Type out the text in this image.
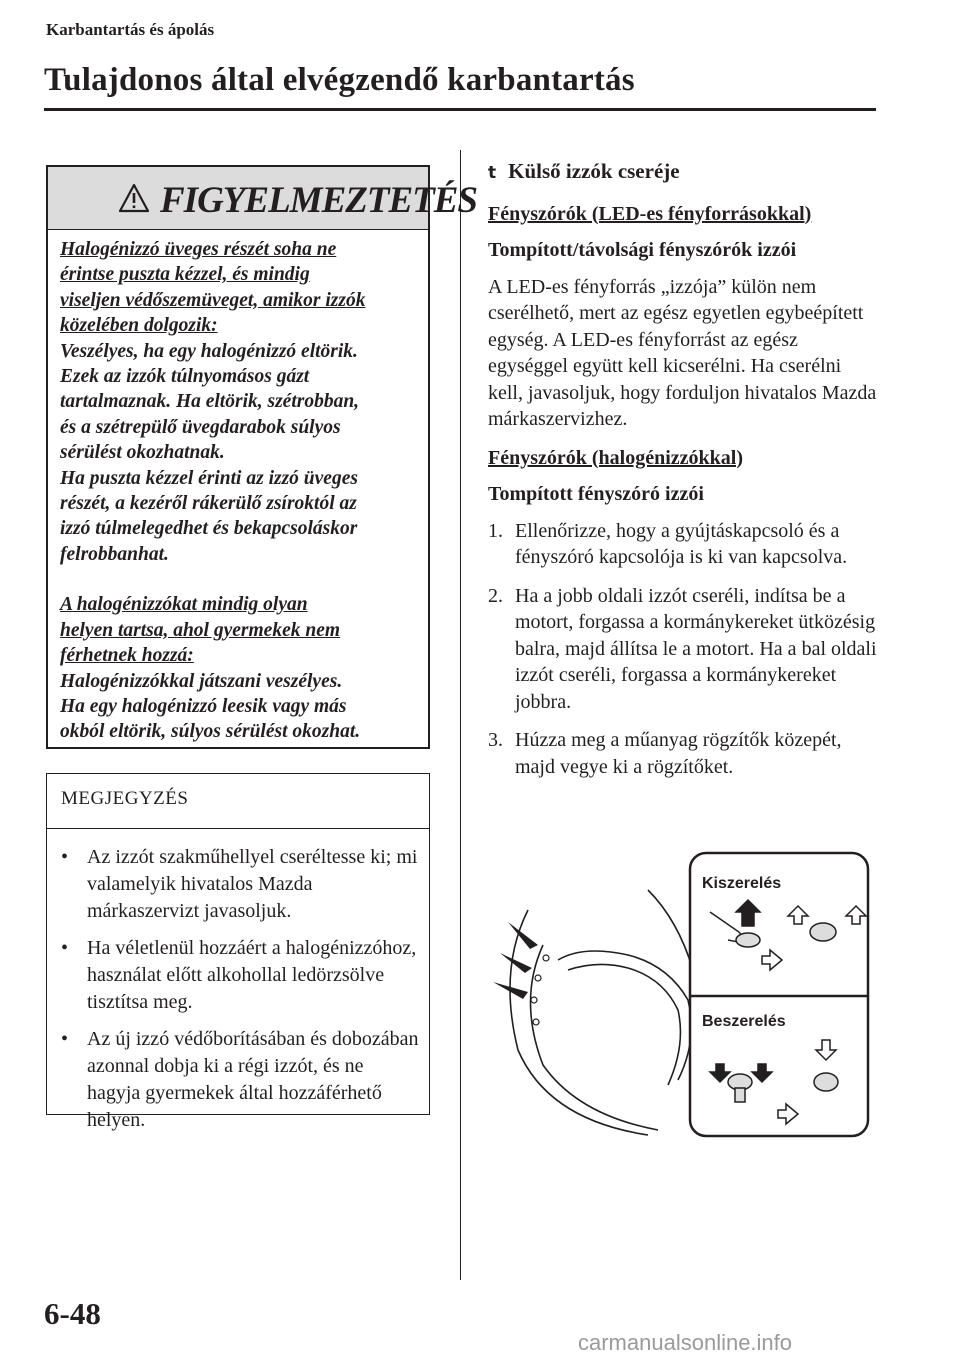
Karbantartás és ápolás
Tulajdonos által elvégzendő karbantartás
FIGYELMEZTETÉS
Halogénizzó üveges részét soha ne
érintse puszta kézzel, és mindig
viseljen védőszemüveget, amikor izzók
közelében dolgozik:
Veszélyes, ha egy halogénizzó eltörik.
Ezek az izzók túlnyomásos gázt
tartalmaznak. Ha eltörik, szétrobban,
és a szétrepülő üvegdarabok súlyos
sérülést okozhatnak.
Ha puszta kézzel érinti az izzó üveges
részét, a kezéről rákerülő zsíroktól az
izzó túlmelegedhet és bekapcsoláskor
felrobbanhat.
A halogénizzókat mindig olyan
helyen tartsa, ahol gyermekek nem
férhetnek hozzá:
Halogénizzókkal játszani veszélyes.
Ha egy halogénizzó leesik vagy más
okból eltörik, súlyos sérülést okozhat.
MEGJEGYZÉS
• Az izzót szakműhellyel cseréltesse ki; mi valamelyik hivatalos Mazda márkaszervizt javasoljuk.
• Ha véletlenül hozzáért a halogénizzóhoz, használat előtt alkohollal ledörzsölve tisztítsa meg.
• Az új izzó védőborításában és dobozában azonnal dobja ki a régi izzót, és ne hagyja gyermekek által hozzáférhető helyen.
t Külső izzók cseréje
Fényszórók (LED-es fényforrásokkal)
Tompított/távolsági fényszórók izzói
A LED-es fényforrás „izzója” külön nem cserélhető, mert az egész egyetlen egybeépített egység. A LED-es fényforrást az egész egységgel együtt kell kicserélni. Ha cserélni kell, javasoljuk, hogy forduljon hivatalos Mazda márkaszervizhez.
Fényszórók (halogénizzókkal)
Tompított fényszóró izzói
1. Ellenőrizze, hogy a gyújtáskapcsoló és a fényszóró kapcsolója is ki van kapcsolva.
2. Ha a jobb oldali izzót cseréli, indítsa be a motort, forgassa a kormánykereket ütközésig balra, majd állítsa le a motort. Ha a bal oldali izzót cseréli, forgassa a kormánykereket jobbra.
3. Húzza meg a műanyag rögzítők közepét, majd vegye ki a rögzítőket.
Kiszerelés
Beszerelés
6-48
carmanualsonline.info
